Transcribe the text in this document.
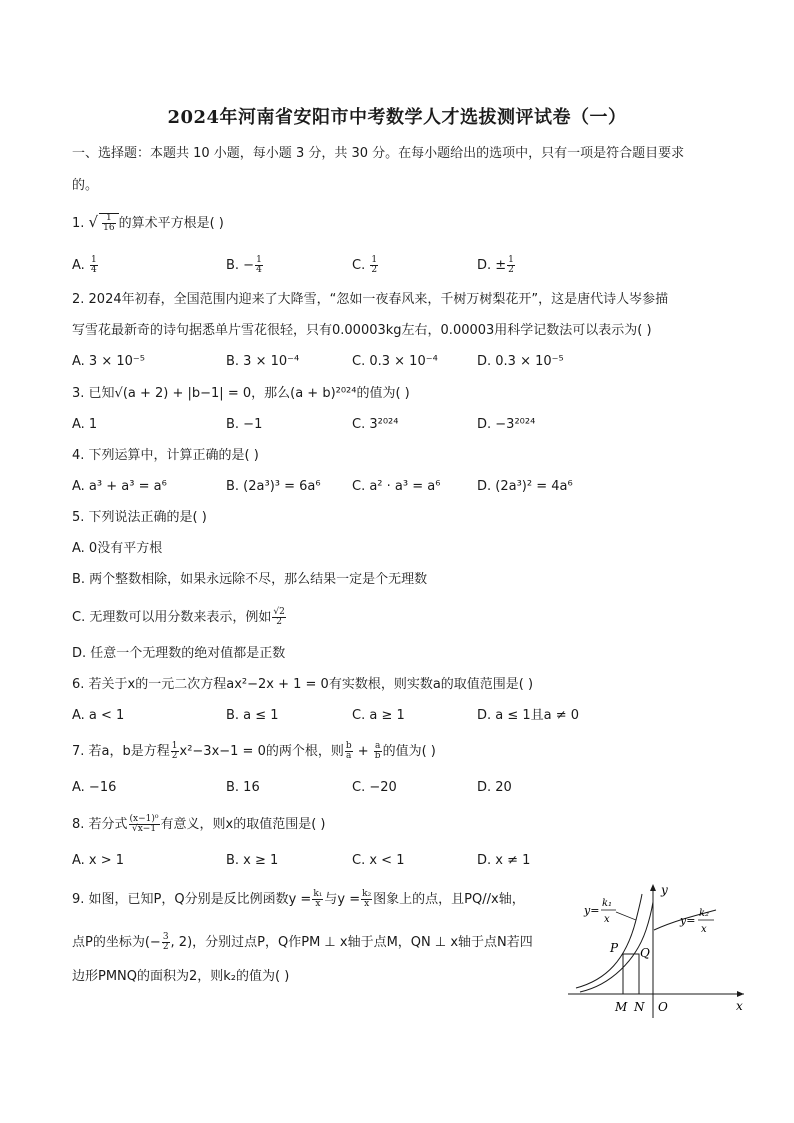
2024年河南省安阳市中考数学人才选拔测评试卷（一）
一、选择题：本题共 10 小题，每小题 3 分，共 30 分。在每小题给出的选项中，只有一项是符合题目要求
的。
1. √ $\frac{1}{16}$ 的算术平方根是( )
A. $\frac{1}{4}$	B. − $\frac{1}{4}$	C. $\frac{1}{2}$	D. ± $\frac{1}{2}$
2. 2024年初春，全国范围内迎来了大降雪，“忽如一夜春风来，千树万树梨花开”，这是唐代诗人岑参描
写雪花最新奇的诗句据悉单片雪花很轻，只有0.00003kg左右，0.00003用科学记数法可以表示为( )
A. 3 × 10⁻⁵	B. 3 × 10⁻⁴	C. 0.3 × 10⁻⁴	D. 0.3 × 10⁻⁵
3. 已知√(a + 2) + |b−1| = 0，那么(a + b)²⁰²⁴的值为( )
A. 1	B. −1	C. 3²⁰²⁴	D. −3²⁰²⁴
4. 下列运算中，计算正确的是( )
A. a³ + a³ = a⁶	B. (2a³)³ = 6a⁶ C. a² · a³ = a⁶	D. (2a³)² = 4a⁶
5. 下列说法正确的是( )
A. 0没有平方根
B. 两个整数相除，如果永远除不尽，那么结果一定是个无理数
C. 无理数可以用分数来表示，例如 $\frac{√2}{2}$
D. 任意一个无理数的绝对值都是正数
6. 若关于x的一元二次方程ax²−2x + 1 = 0有实数根，则实数a的取值范围是( )
A. a < 1	B. a ≤ 1	C. a ≥ 1	D. a ≤ 1且a ≠ 0
7. 若a，b是方程 $\frac{1}{2} x^2-3x-1 = 0$的两个根，则 $\frac{b}{a} + \frac{a}{b}$ 的值为( )
A. −16	B. 16	C. −20	D. 20
8. 若分式 $\frac{\text{(x−1)⁰}}{√x-1}$ 有意义，则x的取值范围是( )
A. x > 1	B. x ≥ 1	C. x < 1	D. x ≠ 1
9. 如图，已知P，Q分别是反比例函数$y = \frac{\text{k₁}}{x}$ 与$y = \frac{\text{k₂}}{x}$ 图象上的点，且PQ//x轴，
点P的坐标为(− $\frac{3}{2}$ , 2)，分别过点P，Q作PM ⊥ x轴于点M，QN ⊥ x轴于点N若四
边形PMNQ的面积为2，则k₂的值为( )
y
x
O
M N
P Q
y=
k₁
x	y=
k₂
x
